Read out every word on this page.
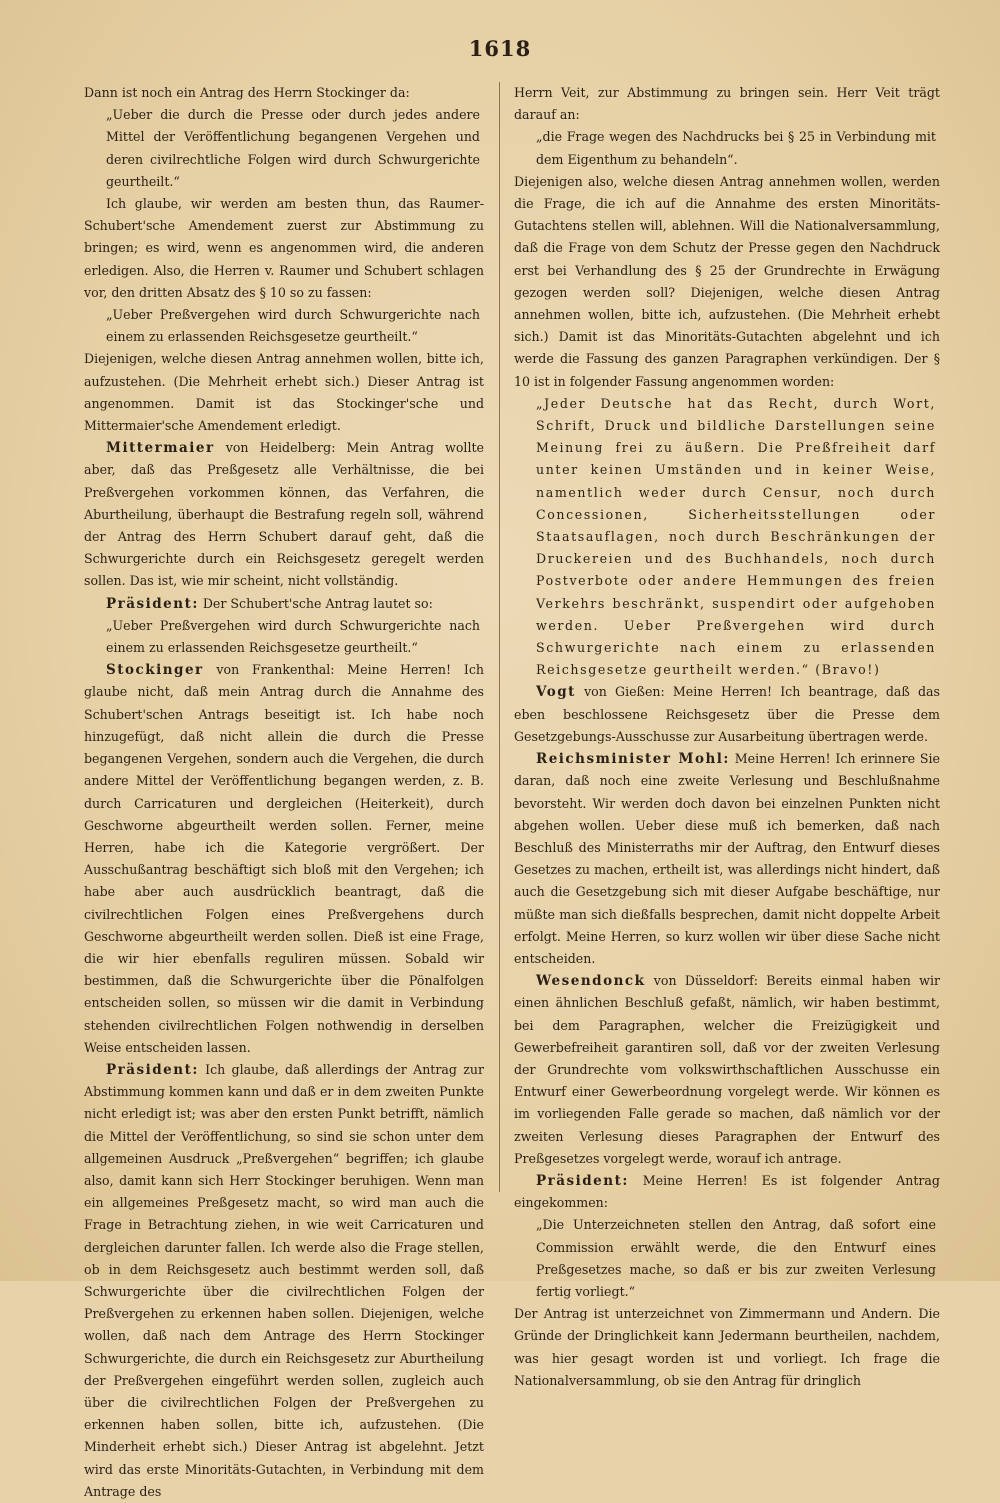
1618

Dann ist noch ein Antrag des Herrn Stockinger da:

„Ueber die durch die Presse oder durch jedes andere Mittel der Veröffentlichung begangenen Vergehen und deren civilrechtliche Folgen wird durch Schwurgerichte geurtheilt.“

Ich glaube, wir werden am besten thun, das Raumer-Schubert'sche Amendement zuerst zur Abstimmung zu bringen; es wird, wenn es angenommen wird, die anderen erledigen. Also, die Herren v. Raumer und Schubert schlagen vor, den dritten Absatz des § 10 so zu fassen:

„Ueber Preßvergehen wird durch Schwurgerichte nach einem zu erlassenden Reichsgesetze geurtheilt.“

Diejenigen, welche diesen Antrag annehmen wollen, bitte ich, aufzustehen. (Die Mehrheit erhebt sich.) Dieser Antrag ist angenommen. Damit ist das Stockinger'sche und Mittermaier'sche Amendement erledigt.

Mittermaier von Heidelberg: Mein Antrag wollte aber, daß das Preßgesetz alle Verhältnisse, die bei Preßvergehen vorkommen können, das Verfahren, die Aburtheilung, überhaupt die Bestrafung regeln soll, während der Antrag des Herrn Schubert darauf geht, daß die Schwurgerichte durch ein Reichsgesetz geregelt werden sollen. Das ist, wie mir scheint, nicht vollständig.

Präsident: Der Schubert'sche Antrag lautet so:

„Ueber Preßvergehen wird durch Schwurgerichte nach einem zu erlassenden Reichsgesetze geurtheilt.“

Stockinger von Frankenthal: Meine Herren! Ich glaube nicht, daß mein Antrag durch die Annahme des Schubert'schen Antrags beseitigt ist. Ich habe noch hinzugefügt, daß nicht allein die durch die Presse begangenen Vergehen, sondern auch die Vergehen, die durch andere Mittel der Veröffentlichung begangen werden, z. B. durch Carricaturen und dergleichen (Heiterkeit), durch Geschworne abgeurtheilt werden sollen. Ferner, meine Herren, habe ich die Kategorie vergrößert. Der Ausschußantrag beschäftigt sich bloß mit den Vergehen; ich habe aber auch ausdrücklich beantragt, daß die civilrechtlichen Folgen eines Preßvergehens durch Geschworne abgeurtheilt werden sollen. Dieß ist eine Frage, die wir hier ebenfalls reguliren müssen. Sobald wir bestimmen, daß die Schwurgerichte über die Pönalfolgen entscheiden sollen, so müssen wir die damit in Verbindung stehenden civilrechtlichen Folgen nothwendig in derselben Weise entscheiden lassen.

Präsident: Ich glaube, daß allerdings der Antrag zur Abstimmung kommen kann und daß er in dem zweiten Punkte nicht erledigt ist; was aber den ersten Punkt betrifft, nämlich die Mittel der Veröffentlichung, so sind sie schon unter dem allgemeinen Ausdruck „Preßvergehen“ begriffen; ich glaube also, damit kann sich Herr Stockinger beruhigen. Wenn man ein allgemeines Preßgesetz macht, so wird man auch die Frage in Betrachtung ziehen, in wie weit Carricaturen und dergleichen darunter fallen. Ich werde also die Frage stellen, ob in dem Reichsgesetz auch bestimmt werden soll, daß Schwurgerichte über die civilrechtlichen Folgen der Preßvergehen zu erkennen haben sollen. Diejenigen, welche wollen, daß nach dem Antrage des Herrn Stockinger Schwurgerichte, die durch ein Reichsgesetz zur Aburtheilung der Preßvergehen eingeführt werden sollen, zugleich auch über die civilrechtlichen Folgen der Preßvergehen zu erkennen haben sollen, bitte ich, aufzustehen. (Die Minderheit erhebt sich.) Dieser Antrag ist abgelehnt. Jetzt wird das erste Minoritäts-Gutachten, in Verbindung mit dem Antrage des

Herrn Veit, zur Abstimmung zu bringen sein. Herr Veit trägt darauf an:

„die Frage wegen des Nachdrucks bei § 25 in Verbindung mit dem Eigenthum zu behandeln“.

Diejenigen also, welche diesen Antrag annehmen wollen, werden die Frage, die ich auf die Annahme des ersten Minoritäts-Gutachtens stellen will, ablehnen. Will die Nationalversammlung, daß die Frage von dem Schutz der Presse gegen den Nachdruck erst bei Verhandlung des § 25 der Grundrechte in Erwägung gezogen werden soll? Diejenigen, welche diesen Antrag annehmen wollen, bitte ich, aufzustehen. (Die Mehrheit erhebt sich.) Damit ist das Minoritäts-Gutachten abgelehnt und ich werde die Fassung des ganzen Paragraphen verkündigen. Der § 10 ist in folgender Fassung angenommen worden:

„Jeder Deutsche hat das Recht, durch Wort, Schrift, Druck und bildliche Darstellungen seine Meinung frei zu äußern. Die Preßfreiheit darf unter keinen Umständen und in keiner Weise, namentlich weder durch Censur, noch durch Concessionen, Sicherheitsstellungen oder Staatsauflagen, noch durch Beschränkungen der Druckereien und des Buchhandels, noch durch Postverbote oder andere Hemmungen des freien Verkehrs beschränkt, suspendirt oder aufgehoben werden. Ueber Preßvergehen wird durch Schwurgerichte nach einem zu erlassenden Reichsgesetze geurtheilt werden.“ (Bravo!)

Vogt von Gießen: Meine Herren! Ich beantrage, daß das eben beschlossene Reichsgesetz über die Presse dem Gesetzgebungs-Ausschusse zur Ausarbeitung übertragen werde.

Reichsminister Mohl: Meine Herren! Ich erinnere Sie daran, daß noch eine zweite Verlesung und Beschlußnahme bevorsteht. Wir werden doch davon bei einzelnen Punkten nicht abgehen wollen. Ueber diese muß ich bemerken, daß nach Beschluß des Ministerraths mir der Auftrag, den Entwurf dieses Gesetzes zu machen, ertheilt ist, was allerdings nicht hindert, daß auch die Gesetzgebung sich mit dieser Aufgabe beschäftige, nur müßte man sich dießfalls besprechen, damit nicht doppelte Arbeit erfolgt. Meine Herren, so kurz wollen wir über diese Sache nicht entscheiden.

Wesendonck von Düsseldorf: Bereits einmal haben wir einen ähnlichen Beschluß gefaßt, nämlich, wir haben bestimmt, bei dem Paragraphen, welcher die Freizügigkeit und Gewerbefreiheit garantiren soll, daß vor der zweiten Verlesung der Grundrechte vom volkswirthschaftlichen Ausschusse ein Entwurf einer Gewerbeordnung vorgelegt werde. Wir können es im vorliegenden Falle gerade so machen, daß nämlich vor der zweiten Verlesung dieses Paragraphen der Entwurf des Preßgesetzes vorgelegt werde, worauf ich antrage.

Präsident: Meine Herren! Es ist folgender Antrag eingekommen:

„Die Unterzeichneten stellen den Antrag, daß sofort eine Commission erwählt werde, die den Entwurf eines Preßgesetzes mache, so daß er bis zur zweiten Verlesung fertig vorliegt.“

Der Antrag ist unterzeichnet von Zimmermann und Andern. Die Gründe der Dringlichkeit kann Jedermann beurtheilen, nachdem, was hier gesagt worden ist und vorliegt. Ich frage die Nationalversammlung, ob sie den Antrag für dringlich
